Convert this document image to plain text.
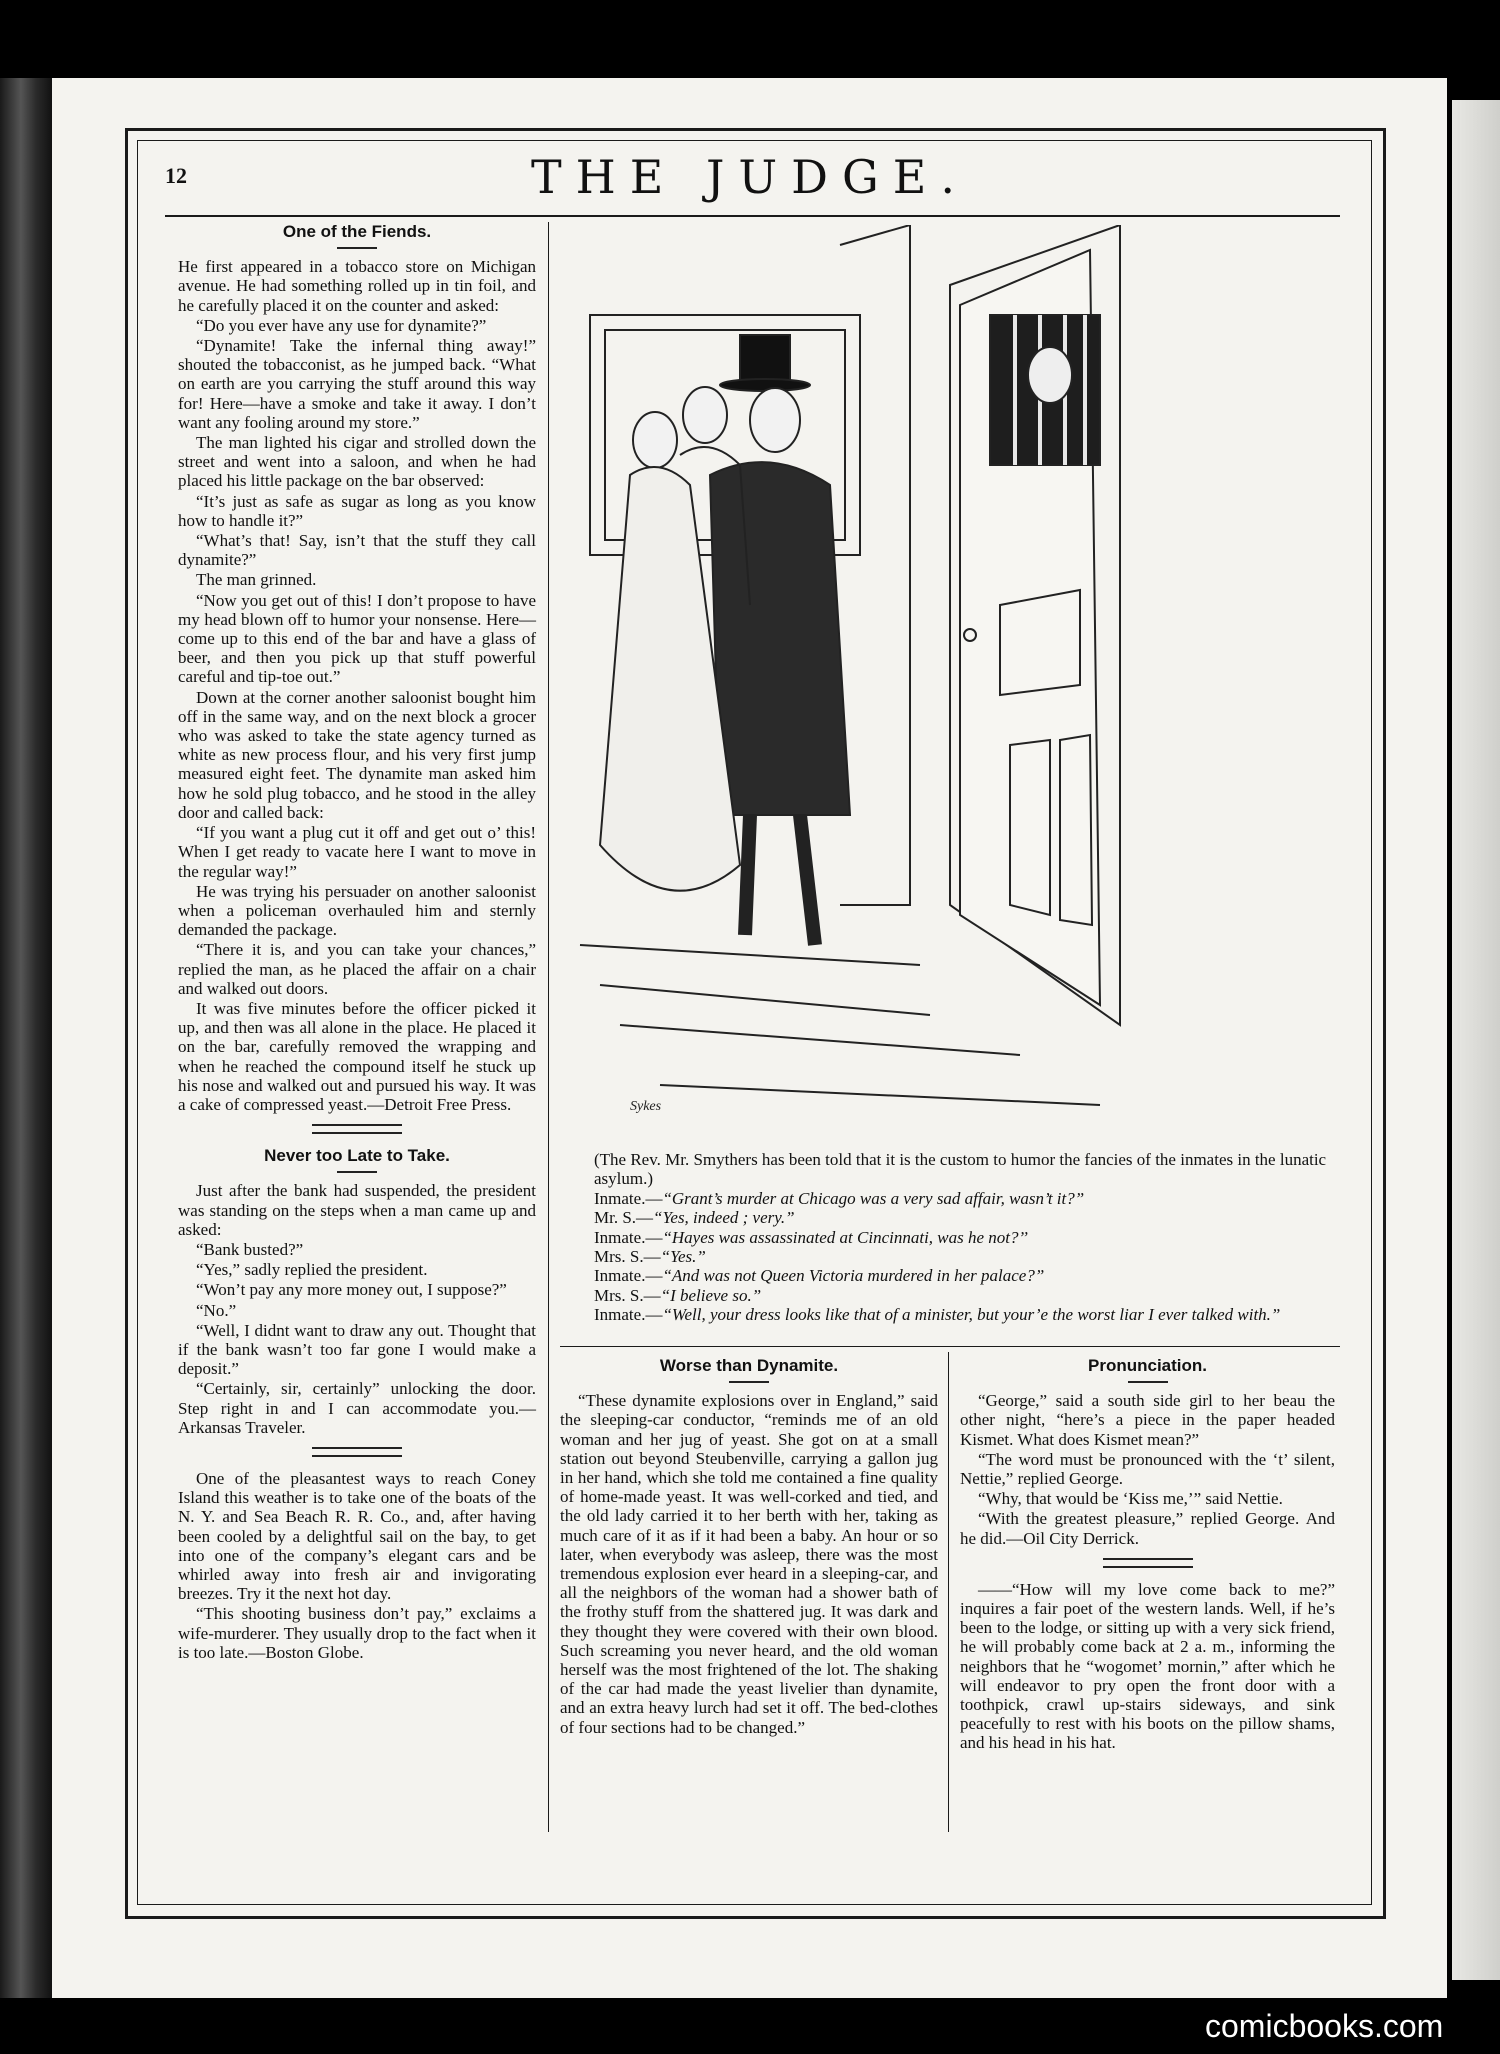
12	THE JUDGE.
One of the Fiends.

He first appeared in a tobacco store on Michigan avenue. He had something rolled up in tin foil, and he carefully placed it on the counter and asked:

“Do you ever have any use for dynamite?”

“Dynamite! Take the infernal thing away!” shouted the tobacconist, as he jumped back. “What on earth are you carrying the stuff around this way for! Here—have a smoke and take it away. I don’t want any fooling around my store.”

The man lighted his cigar and strolled down the street and went into a saloon, and when he had placed his little package on the bar observed:

“It’s just as safe as sugar as long as you know how to handle it?”

“What’s that! Say, isn’t that the stuff they call dynamite?”

The man grinned.

“Now you get out of this! I don’t propose to have my head blown off to humor your nonsense. Here—come up to this end of the bar and have a glass of beer, and then you pick up that stuff powerful careful and tip-toe out.”

Down at the corner another saloonist bought him off in the same way, and on the next block a grocer who was asked to take the state agency turned as white as new process flour, and his very first jump measured eight feet. The dynamite man asked him how he sold plug tobacco, and he stood in the alley door and called back:

“If you want a plug cut it off and get out o’ this! When I get ready to vacate here I want to move in the regular way!”

He was trying his persuader on another saloonist when a policeman overhauled him and sternly demanded the package.

“There it is, and you can take your chances,” replied the man, as he placed the affair on a chair and walked out doors.

It was five minutes before the officer picked it up, and then was all alone in the place. He placed it on the bar, carefully removed the wrapping and when he reached the compound itself he stuck up his nose and walked out and pursued his way. It was a cake of compressed yeast.—Detroit Free Press.

Never too Late to Take.

Just after the bank had suspended, the president was standing on the steps when a man came up and asked:

“Bank busted?”

“Yes,” sadly replied the president.

“Won’t pay any more money out, I suppose?”

“No.”

“Well, I didnt want to draw any out. Thought that if the bank wasn’t too far gone I would make a deposit.”

“Certainly, sir, certainly” unlocking the door. Step right in and I can accommodate you.—Arkansas Traveler.

One of the pleasantest ways to reach Coney Island this weather is to take one of the boats of the N. Y. and Sea Beach R. R. Co., and, after having been cooled by a delightful sail on the bay, to get into one of the company’s elegant cars and be whirled away into fresh air and invigorating breezes. Try it the next hot day.

“This shooting business don’t pay,” exclaims a wife-murderer. They usually drop to the fact when it is too late.—Boston Globe.

Sykes

(The Rev. Mr. Smythers has been told that it is the custom to humor the fancies of the inmates in the lunatic asylum.)

Inmate.—“Grant’s murder at Chicago was a very sad affair, wasn’t it?”

Mr. S.—“Yes, indeed ; very.”

Inmate.—“Hayes was assassinated at Cincinnati, was he not?’’

Mrs. S.—“Yes.”

Inmate.—“And was not Queen Victoria murdered in her palace?”

Mrs. S.—“I believe so.”

Inmate.—“Well, your dress looks like that of a minister, but your’e the worst liar I ever talked with.”

Worse than Dynamite.

“These dynamite explosions over in England,” said the sleeping-car conductor, “reminds me of an old woman and her jug of yeast. She got on at a small station out beyond Steubenville, carrying a gallon jug in her hand, which she told me contained a fine quality of home-made yeast. It was well-corked and tied, and the old lady carried it to her berth with her, taking as much care of it as if it had been a baby. An hour or so later, when everybody was asleep, there was the most tremendous explosion ever heard in a sleeping-car, and all the neighbors of the woman had a shower bath of the frothy stuff from the shattered jug. It was dark and they thought they were covered with their own blood. Such screaming you never heard, and the old woman herself was the most frightened of the lot. The shaking of the car had made the yeast livelier than dynamite, and an extra heavy lurch had set it off. The bed-clothes of four sections had to be changed.”

Pronunciation.

“George,” said a south side girl to her beau the other night, “here’s a piece in the paper headed Kismet. What does Kismet mean?”

“The word must be pronounced with the ‘t’ silent, Nettie,” replied George.

“Why, that would be ‘Kiss me,’” said Nettie.

“With the greatest pleasure,” replied George. And he did.—Oil City Derrick.

——“How will my love come back to me?” inquires a fair poet of the western lands. Well, if he’s been to the lodge, or sitting up with a very sick friend, he will probably come back at 2 a. m., informing the neighbors that he “wogomet’ mornin,” after which he will endeavor to pry open the front door with a toothpick, crawl up-stairs sideways, and sink peacefully to rest with his boots on the pillow shams, and his head in his hat.

comicbooks.com
